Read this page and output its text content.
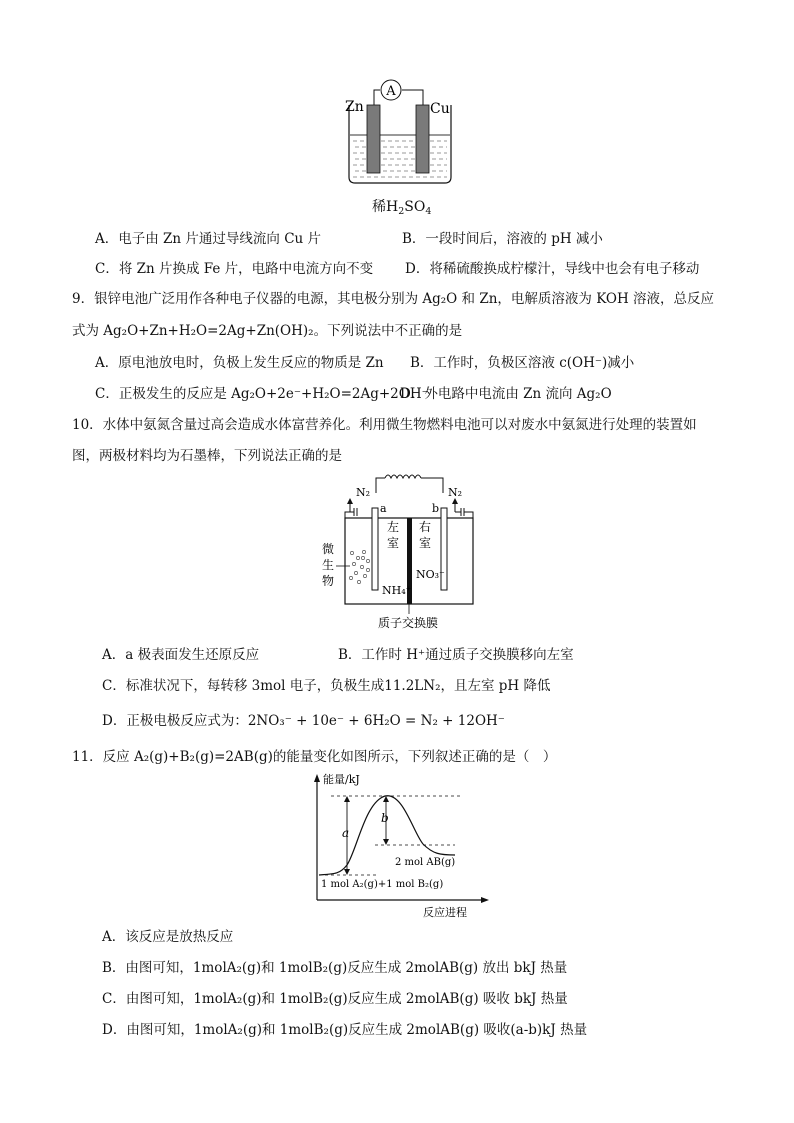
A
Zn	Cu
稀$H_2SO_4$
A．电子由 Zn 片通过导线流向 Cu 片	B．一段时间后，溶液的 pH 减小
C．将 Zn 片换成 Fe 片，电路中电流方向不变 D．将稀硫酸换成柠檬汁，导线中也会有电子移动
9．银锌电池广泛用作各种电子仪器的电源，其电极分别为 Ag₂O 和 Zn，电解质溶液为 KOH 溶液，总反应
式为 Ag₂O+Zn+H₂O=2Ag+Zn(OH)₂。下列说法中不正确的是
A．原电池放电时，负极上发生反应的物质是 Zn B．工作时，负极区溶液 c(OH⁻)减小
C．正极发生的反应是 Ag₂O+2e⁻+H₂O=2Ag+2OH⁻
D．外电路中电流由 Zn 流向 Ag₂O
10．水体中氨氮含量过高会造成水体富营养化。利用微生物燃料电池可以对废水中氨氮进行处理的装置如
图，两极材料均为石墨棒，下列说法正确的是
N₂	N₂
a	b
左
室
右
室
微
生
物
NH₄⁺
NO₃⁻
质子交换膜
A．a 极表面发生还原反应	B．工作时 H⁺通过质子交换膜移向左室
C．标准状况下，每转移 3mol 电子，负极生成11.2LN₂，且左室 pH 降低
D．正极电极反应式为：2NO₃⁻ + 10e⁻ + 6H₂O = N₂ + 12OH⁻
11．反应 A₂(g)+B₂(g)=2AB(g)的能量变化如图所示，下列叙述正确的是（　）
a
b
能量/kJ
2 mol AB(g)
1 mol A₂(g)+1 mol B₂(g)
反应进程
A．该反应是放热反应
B．由图可知，1molA₂(g)和 1molB₂(g)反应生成 2molAB(g) 放出 bkJ 热量
C．由图可知，1molA₂(g)和 1molB₂(g)反应生成 2molAB(g) 吸收 bkJ 热量
D．由图可知，1molA₂(g)和 1molB₂(g)反应生成 2molAB(g) 吸收(a-b)kJ 热量
